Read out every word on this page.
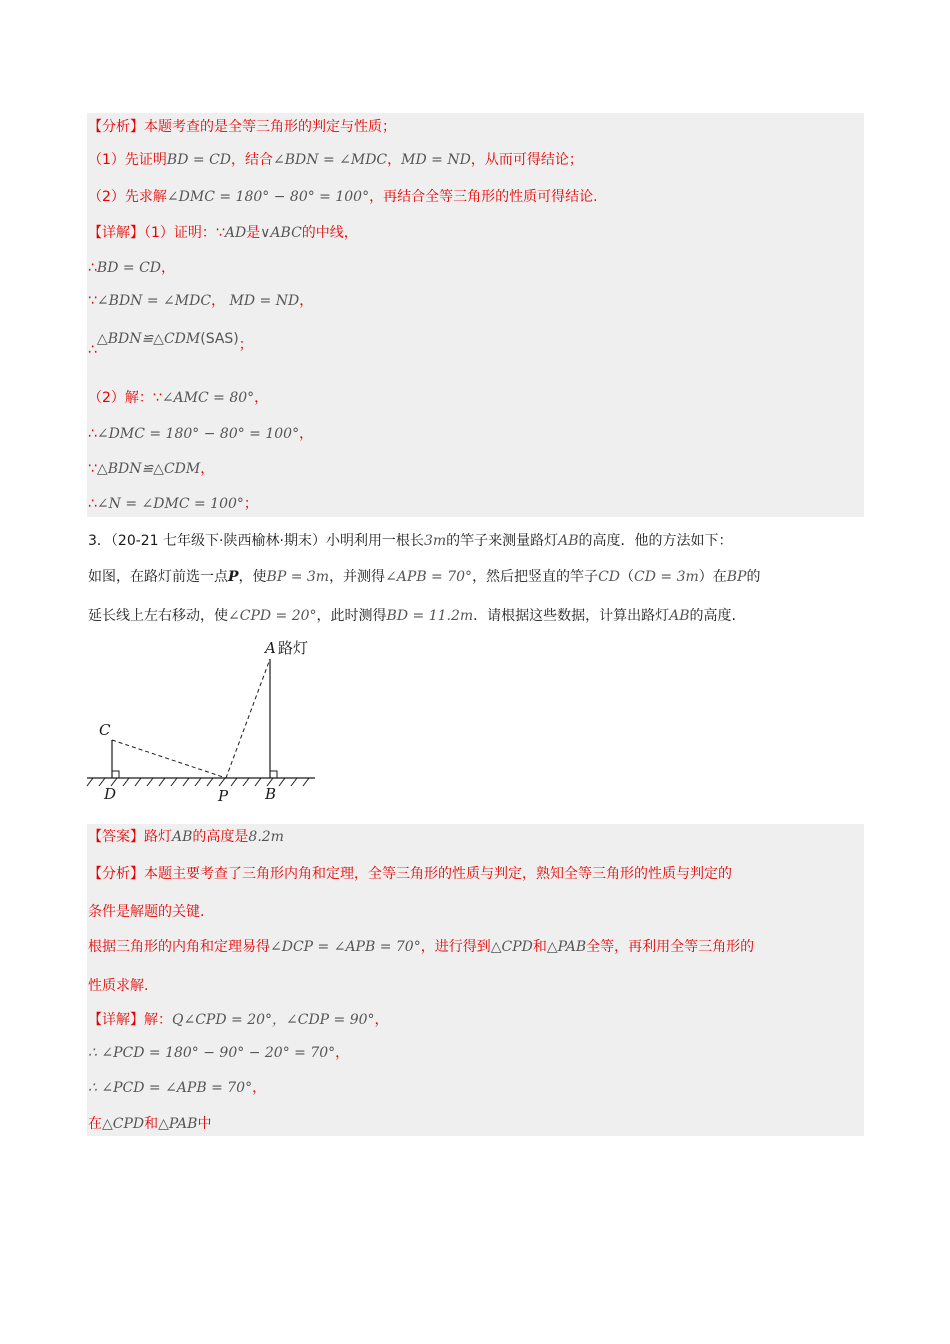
【分析】本题考查的是全等三角形的判定与性质；
（1）先证明BD = CD，结合∠BDN = ∠MDC，MD = ND，从而可得结论；
（2）先求解∠DMC = 180° − 80° = 100°，再结合全等三角形的性质可得结论.
【详解】（1）证明：∵AD是∨ABC的中线，
∴BD = CD，
∵∠BDN = ∠MDC， MD = ND，
∴△BDN≌△CDM(SAS)；
（2）解：∵∠AMC = 80°，
∴∠DMC = 180° − 80° = 100°，
∵△BDN≌△CDM，
∴∠N = ∠DMC = 100°；
3．（20-21 七年级下·陕西榆林·期末）小明利用一根长3m的竿子来测量路灯AB的高度．他的方法如下：
如图，在路灯前选一点P，使BP = 3m，并测得∠APB = 70°，然后把竖直的竿子CD（CD = 3m）在BP的
延长线上左右移动，使∠CPD = 20°，此时测得BD = 11.2m．请根据这些数据，计算出路灯AB的高度.
A 路灯
C
D	P B
【答案】路灯AB的高度是8.2m
【分析】本题主要考查了三角形内角和定理，全等三角形的性质与判定，熟知全等三角形的性质与判定的
条件是解题的关键.
根据三角形的内角和定理易得∠DCP = ∠APB = 70°，进行得到△CPD和△PAB全等，再利用全等三角形的
性质求解.
【详解】解：Q∠CPD = 20°，∠CDP = 90°，
∴ ∠PCD = 180° − 90° − 20° = 70°，
∴ ∠PCD = ∠APB = 70°，
在△CPD和△PAB中
